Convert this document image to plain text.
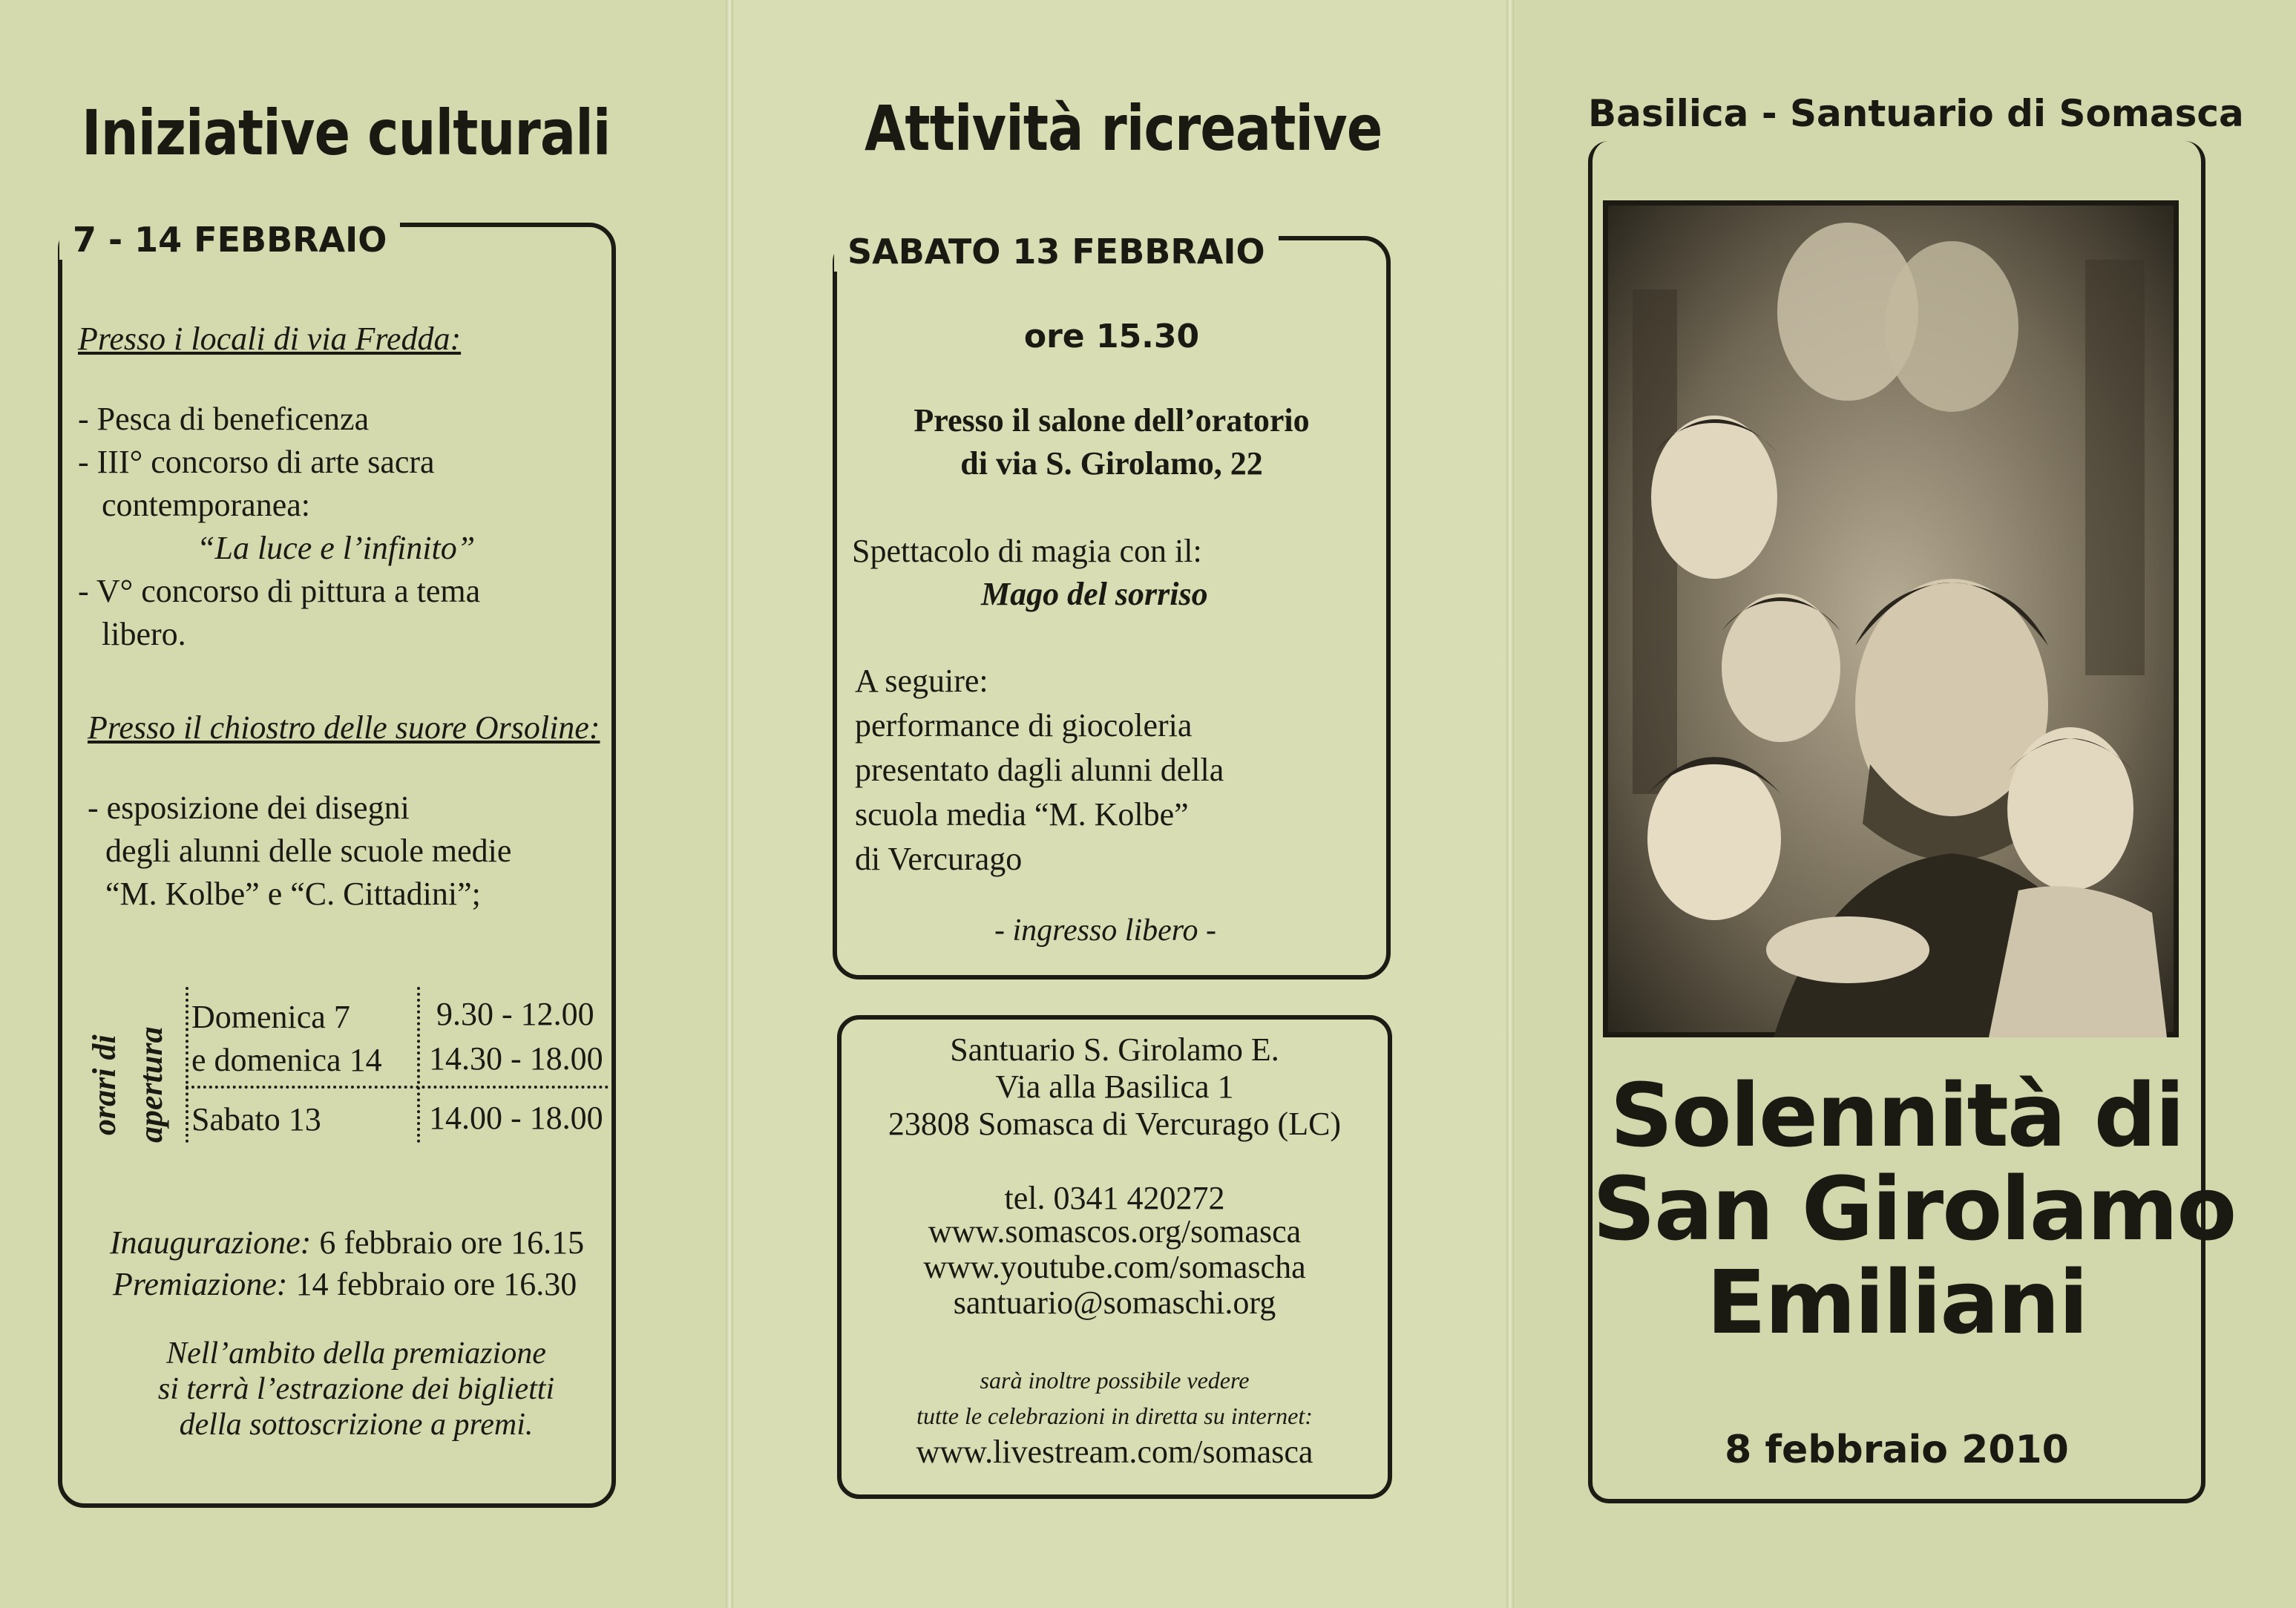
Iniziative culturali
7 - 14 FEBBRAIO
Presso i locali di via Fredda:
- Pesca di beneficenza
- III° concorso di arte sacra
contemporanea:
“La luce e l’infinito”
- V° concorso di pittura a tema
libero.
Presso il chiostro delle suore Orsoline:
- esposizione dei disegni
degli alunni delle scuole medie
“M. Kolbe” e “C. Cittadini”;
orari di apertura
Domenica 7	9.30 - 12.00
e domenica 14 14.30 - 18.00
Sabato 13	14.00 - 18.00
Inaugurazione: 6 febbraio ore 16.15
Premiazione: 14 febbraio ore 16.30
Nell’ambito della premiazione
si terrà l’estrazione dei biglietti
della sottoscrizione a premi.
Attività ricreative
SABATO 13 FEBBRAIO
ore 15.30
Presso il salone dell’oratorio
di via S. Girolamo, 22
Spettacolo di magia con il:
Mago del sorriso
A seguire:
performance di giocoleria
presentato dagli alunni della
scuola media “M. Kolbe”
di Vercurago
- ingresso libero -
Santuario S. Girolamo E.
Via alla Basilica 1
23808 Somasca di Vercurago (LC)
tel. 0341 420272
www.somascos.org/somasca
www.youtube.com/somascha
santuario@somaschi.org
sarà inoltre possibile vedere
tutte le celebrazioni in diretta su internet:
www.livestream.com/somasca
Basilica - Santuario di Somasca
Solennità di
San Girolamo
Emiliani
8 febbraio 2010
